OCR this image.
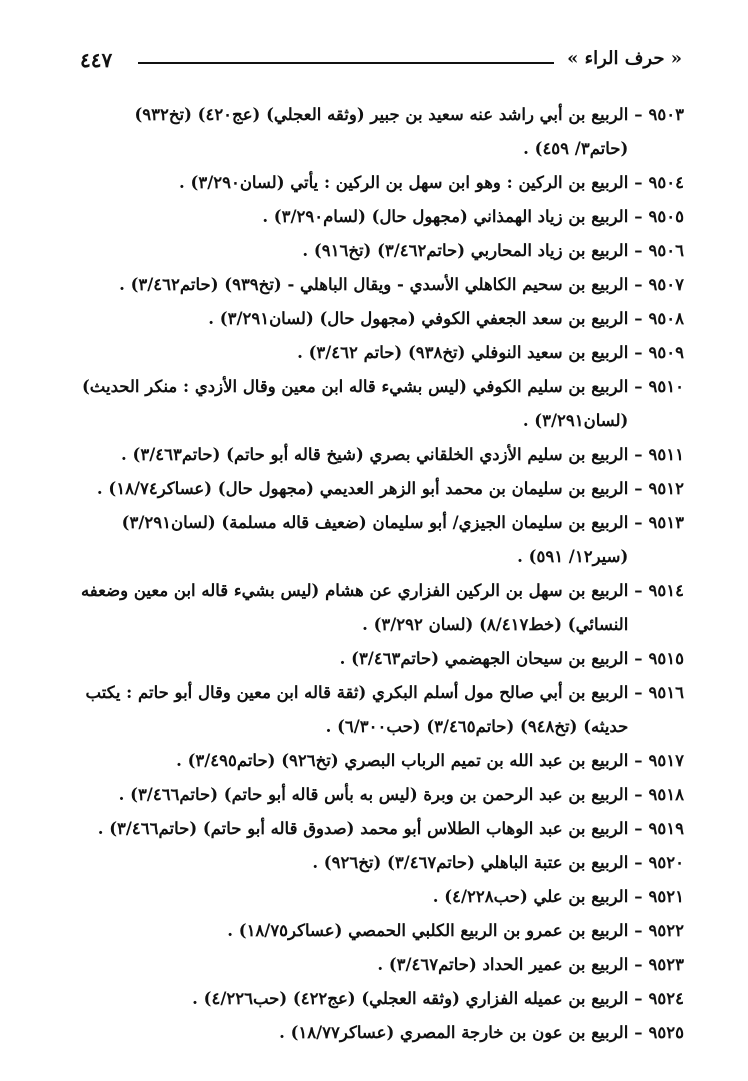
٤٤٧	« حرف الراء »
٩٥٠٣
–
الربيع بن أبي راشد عنه سعيد بن جبير (وثقه العجلي) (عج٤٢٠) (تخ٩٣٢) (حاتم٣/ ٤٥٩) .
٩٥٠٤
–
الربيع بن الركين : وهو ابن سهل بن الركين : يأتي (لسان٣/٢٩٠) .
٩٥٠٥
–
الربيع بن زياد الهمذاني (مجهول حال) (لسام٣/٢٩٠) .
٩٥٠٦
–
الربيع بن زياد المحاربي (حاتم٣/٤٦٢) (تخ٩١٦) .
٩٥٠٧
–
الربيع بن سحيم الكاهلي الأسدي - ويقال الباهلي - (تخ٩٣٩) (حاتم٣/٤٦٢) .
٩٥٠٨
–
الربيع بن سعد الجعفي الكوفي (مجهول حال) (لسان٣/٢٩١) .
٩٥٠٩
–
الربيع بن سعيد النوفلي (تخ٩٣٨) (حاتم ٣/٤٦٢) .
٩٥١٠
–
الربيع بن سليم الكوفي (ليس بشيء قاله ابن معين وقال الأزدي : منكر الحديث) (لسان٣/٢٩١) .
٩٥١١
–
الربيع بن سليم الأزدي الخلقاني بصري (شيخ قاله أبو حاتم) (حاتم٣/٤٦٣) .
٩٥١٢
–
الربيع بن سليمان بن محمد أبو الزهر العديمي (مجهول حال) (عساكر١٨/٧٤) .
٩٥١٣
–
الربيع بن سليمان الجيزي/ أبو سليمان (ضعيف قاله مسلمة) (لسان٣/٢٩١) (سير١٢/ ٥٩١) .
٩٥١٤
–
الربيع بن سهل بن الركين الفزاري عن هشام (ليس بشيء قاله ابن معين وضعفه النسائي) (خط٨/٤١٧) (لسان ٣/٢٩٢) .
٩٥١٥
–
الربيع بن سيحان الجهضمي (حاتم٣/٤٦٣) .
٩٥١٦
–
الربيع بن أبي صالح مول أسلم البكري (ثقة قاله ابن معين وقال أبو حاتم : يكتب حديثه) (تخ٩٤٨) (حاتم٣/٤٦٥) (حب٦/٣٠٠) .
٩٥١٧
–
الربيع بن عبد الله بن تميم الرباب البصري (تخ٩٢٦) (حاتم٣/٤٩٥) .
٩٥١٨
–
الربيع بن عبد الرحمن بن وبرة (ليس به بأس قاله أبو حاتم) (حاتم٣/٤٦٦) .
٩٥١٩
–
الربيع بن عبد الوهاب الطلاس أبو محمد (صدوق قاله أبو حاتم) (حاتم٣/٤٦٦) .
٩٥٢٠
–
الربيع بن عتبة الباهلي (حاتم٣/٤٦٧) (تخ٩٢٦) .
٩٥٢١
–
الربيع بن علي (حب٤/٢٢٨) .
٩٥٢٢
–
الربيع بن عمرو بن الربيع الكلبي الحمصي (عساكر١٨/٧٥) .
٩٥٢٣
–
الربيع بن عمير الحداد (حاتم٣/٤٦٧) .
٩٥٢٤
–
الربيع بن عميله الفزاري (وثقه العجلي) (عج٤٢٢) (حب٤/٢٢٦) .
٩٥٢٥
–
الربيع بن عون بن خارجة المصري (عساكر١٨/٧٧) .
